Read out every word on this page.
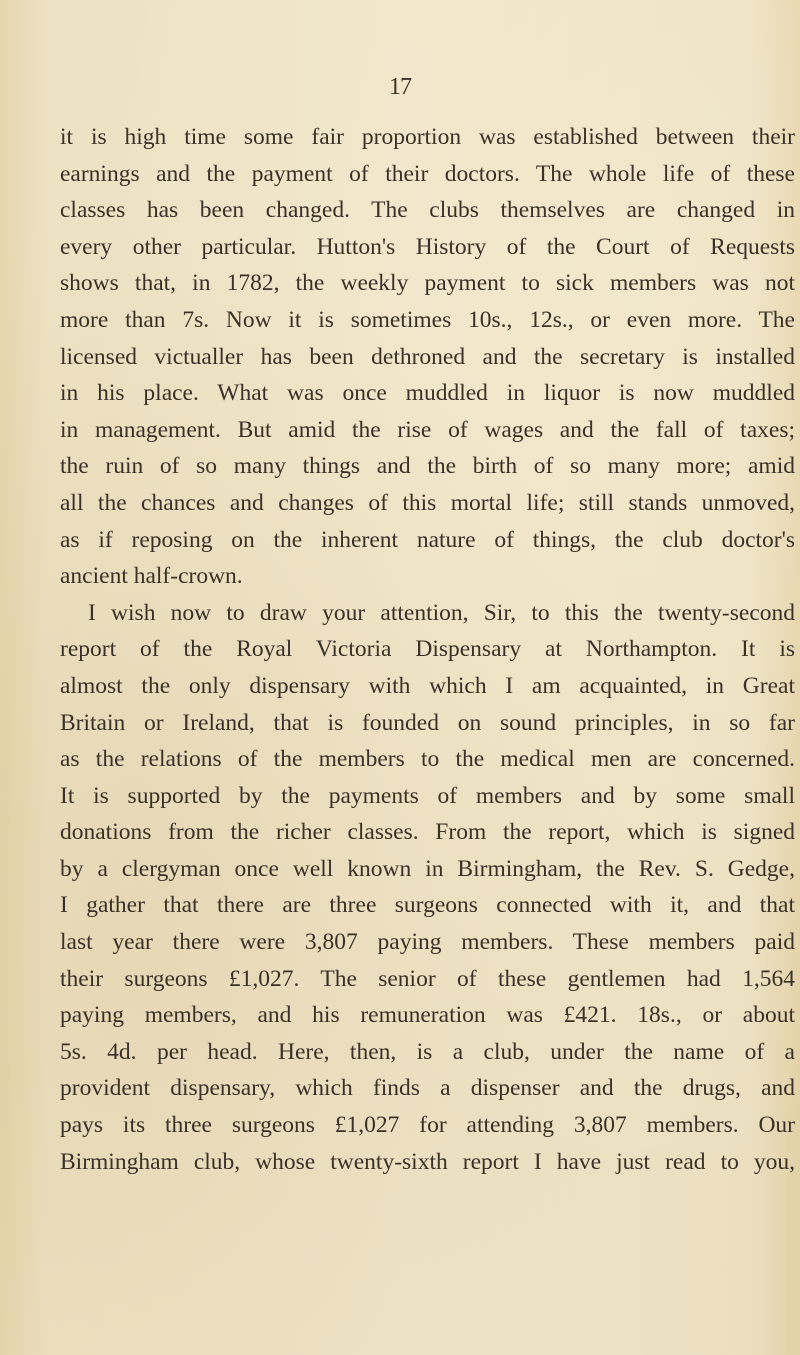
17
it is high time some fair proportion was established between their
earnings and the payment of their doctors. The whole life of these
classes has been changed. The clubs themselves are changed in
every other particular. Hutton's History of the Court of Requests
shows that, in 1782, the weekly payment to sick members was not
more than 7s. Now it is sometimes 10s., 12s., or even more. The
licensed victualler has been dethroned and the secretary is installed
in his place. What was once muddled in liquor is now muddled
in management. But amid the rise of wages and the fall of taxes;
the ruin of so many things and the birth of so many more; amid
all the chances and changes of this mortal life; still stands unmoved,
as if reposing on the inherent nature of things, the club doctor's
ancient half-crown.
I wish now to draw your attention, Sir, to this the twenty-second
report of the Royal Victoria Dispensary at Northampton. It is
almost the only dispensary with which I am acquainted, in Great
Britain or Ireland, that is founded on sound principles, in so far
as the relations of the members to the medical men are concerned.
It is supported by the payments of members and by some small
donations from the richer classes. From the report, which is signed
by a clergyman once well known in Birmingham, the Rev. S. Gedge,
I gather that there are three surgeons connected with it, and that
last year there were 3,807 paying members. These members paid
their surgeons £1,027. The senior of these gentlemen had 1,564
paying members, and his remuneration was £421. 18s., or about
5s. 4d. per head. Here, then, is a club, under the name of a
provident dispensary, which finds a dispenser and the drugs, and
pays its three surgeons £1,027 for attending 3,807 members. Our
Birmingham club, whose twenty-sixth report I have just read to you,
